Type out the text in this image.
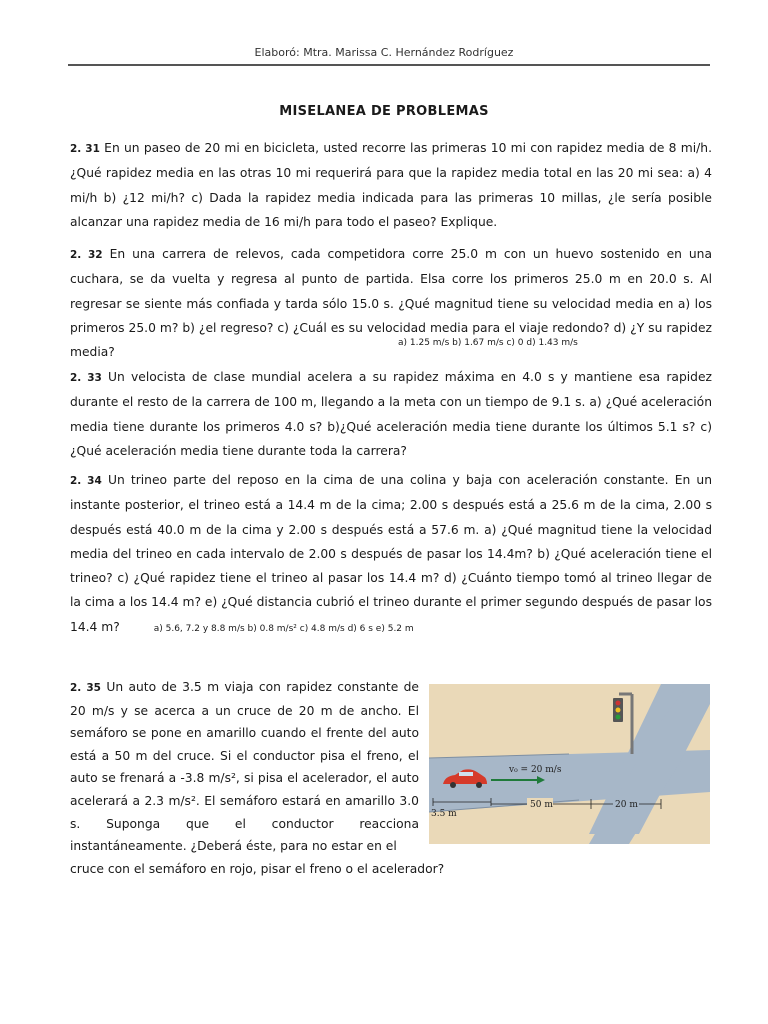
Elaboró: Mtra. Marissa C. Hernández Rodríguez
MISELANEA DE PROBLEMAS
2. 31 En un paseo de 20 mi en bicicleta, usted recorre las primeras 10 mi con rapidez media de 8 mi/h. ¿Qué rapidez media en las otras 10 mi requerirá para que la rapidez media total en las 20 mi sea: a) 4 mi/h b) ¿12 mi/h? c) Dada la rapidez media indicada para las primeras 10 millas, ¿le sería posible alcanzar una rapidez media de 16 mi/h para todo el paseo? Explique.
2. 32 En una carrera de relevos, cada competidora corre 25.0 m con un huevo sostenido en una cuchara, se da vuelta y regresa al punto de partida. Elsa corre los primeros 25.0 m en 20.0 s. Al regresar se siente más confiada y tarda sólo 15.0 s. ¿Qué magnitud tiene su velocidad media en a) los primeros 25.0 m? b) ¿el regreso? c) ¿Cuál es su velocidad media para el viaje redondo? d) ¿Y su rapidez media?
a) 1.25 m/s b) 1.67 m/s c) 0 d) 1.43 m/s
2. 33 Un velocista de clase mundial acelera a su rapidez máxima en 4.0 s y mantiene esa rapidez durante el resto de la carrera de 100 m, llegando a la meta con un tiempo de 9.1 s. a) ¿Qué aceleración media tiene durante los primeros 4.0 s? b)¿Qué aceleración media tiene durante los últimos 5.1 s? c)¿Qué aceleración media tiene durante toda la carrera?
2. 34 Un trineo parte del reposo en la cima de una colina y baja con aceleración constante. En un instante posterior, el trineo está a 14.4 m de la cima; 2.00 s después está a 25.6 m de la cima, 2.00 s después está 40.0 m de la cima y 2.00 s después está a 57.6 m. a) ¿Qué magnitud tiene la velocidad media del trineo en cada intervalo de 2.00 s después de pasar los 14.4m? b) ¿Qué aceleración tiene el trineo? c) ¿Qué rapidez tiene el trineo al pasar los 14.4 m? d) ¿Cuánto tiempo tomó al trineo llegar de la cima a los 14.4 m? e) ¿Qué distancia cubrió el trineo durante el primer segundo después de pasar los 14.4 m?	a) 5.6, 7.2 y 8.8 m/s b) 0.8 m/s² c) 4.8 m/s d) 6 s e) 5.2 m
2. 35 Un auto de 3.5 m viaja con rapidez constante de 20 m/s y se acerca a un cruce de 20 m de ancho. El semáforo se pone en amarillo cuando el frente del auto está a 50 m del cruce. Si el conductor pisa el freno, el auto se frenará a -3.8 m/s², si pisa el acelerador, el auto acelerará a 2.3 m/s². El semáforo estará en amarillo 3.0 s. Suponga que el conductor reacciona instantáneamente. ¿Deberá éste, para no estar en el
cruce con el semáforo en rojo, pisar el freno o el acelerador?
v₀ = 20 m/s
3.5 m
50 m	20 m
